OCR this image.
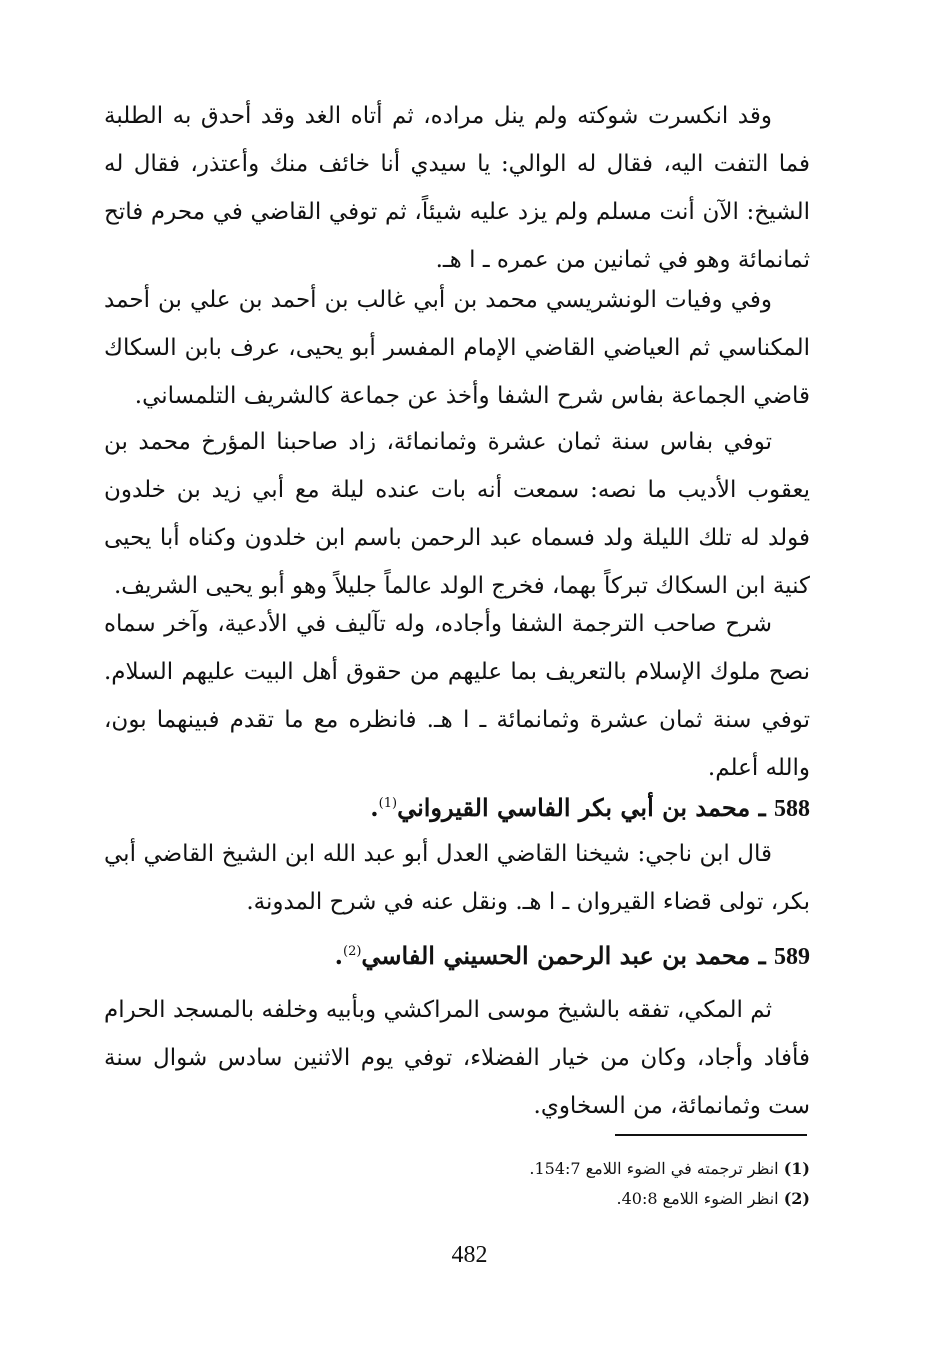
وقد انكسرت شوكته ولم ينل مراده، ثم أتاه الغد وقد أحدق به الطلبة فما التفت اليه، فقال له الوالي: يا سيدي أنا خائف منك وأعتذر، فقال له الشيخ: الآن أنت مسلم ولم يزد عليه شيئاً، ثم توفي القاضي في محرم فاتح ثمانمائة وهو في ثمانين من عمره ـ ا هـ.

وفي وفيات الونشريسي محمد بن أبي غالب بن أحمد بن علي بن أحمد المكناسي ثم العياضي القاضي الإمام المفسر أبو يحيى، عرف بابن السكاك قاضي الجماعة بفاس شرح الشفا وأخذ عن جماعة كالشريف التلمساني.

توفي بفاس سنة ثمان عشرة وثمانمائة، زاد صاحبنا المؤرخ محمد بن يعقوب الأديب ما نصه: سمعت أنه بات عنده ليلة مع أبي زيد بن خلدون فولد له تلك الليلة ولد فسماه عبد الرحمن باسم ابن خلدون وكناه أبا يحيى كنية ابن السكاك تبركاً بهما، فخرج الولد عالماً جليلاً وهو أبو يحيى الشريف.

شرح صاحب الترجمة الشفا وأجاده، وله تآليف في الأدعية، وآخر سماه نصح ملوك الإسلام بالتعريف بما عليهم من حقوق أهل البيت عليهم السلام. توفي سنة ثمان عشرة وثمانمائة ـ ا هـ. فانظره مع ما تقدم فبينهما بون، والله أعلم.

588 ـ محمد بن أبي بكر الفاسي القيرواني$^{(1)}$.

قال ابن ناجي: شيخنا القاضي العدل أبو عبد الله ابن الشيخ القاضي أبي بكر، تولى قضاء القيروان ـ ا هـ. ونقل عنه في شرح المدونة.

589 ـ محمد بن عبد الرحمن الحسيني الفاسي$^{(2)}$.

ثم المكي، تفقه بالشيخ موسى المراكشي وبأبيه وخلفه بالمسجد الحرام فأفاد وأجاد، وكان من خيار الفضلاء، توفي يوم الاثنين سادس شوال سنة ست وثمانمائة، من السخاوي.

(1) انظر ترجمته في الضوء اللامع 154:7.
(2) انظر الضوء اللامع 40:8.
482
